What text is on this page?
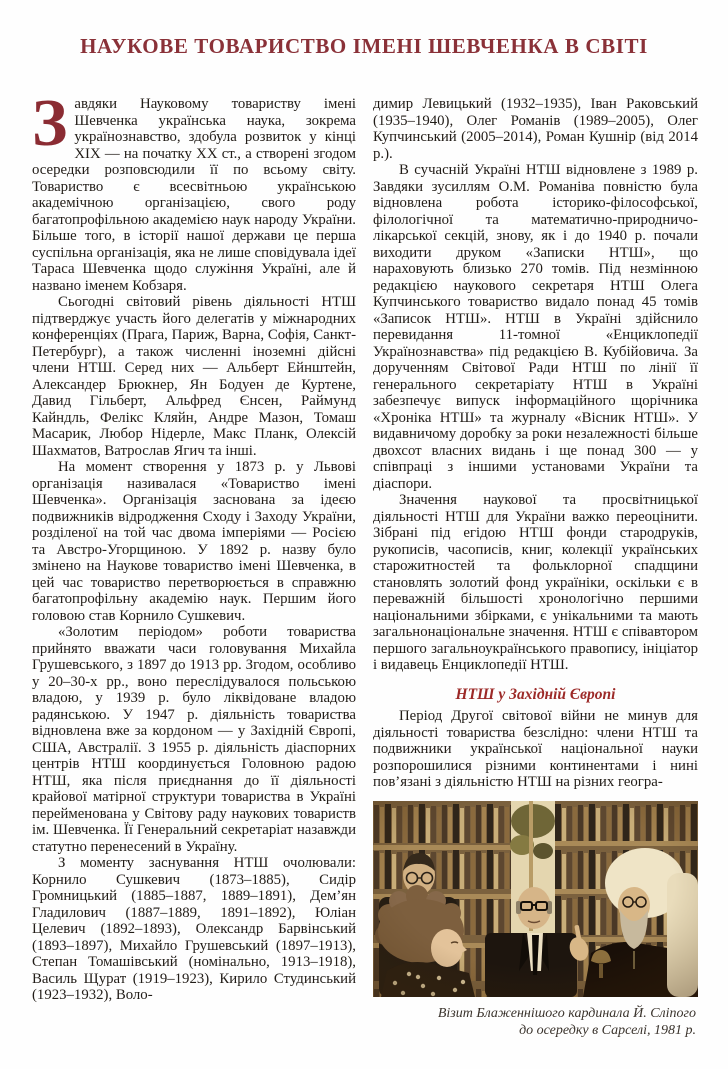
НАУКОВЕ ТОВАРИСТВО ІМЕНІ ШЕВЧЕНКА В СВІТІ

Завдяки Науковому товариству імені Шевченка українська наука, зокрема українознавство, здобула розвиток у кінці XIX — на початку XX ст., а створені згодом осередки розповсюдили її по всьому світу. Товариство є всесвітньою українською академічною організацією, свого роду багатопрофільною академією наук народу України. Більше того, в історії нашої держави це перша суспільна організація, яка не лише сповідувала ідеї Тараса Шевченка щодо служіння Україні, але й названо іменем Кобзаря.

Сьогодні світовий рівень діяльності НТШ підтверджує участь його делегатів у міжнародних конференціях (Прага, Париж, Варна, Софія, Санкт-Петербург), а також численні іноземні дійсні члени НТШ. Серед них — Альберт Ейнштейн, Александер Брюкнер, Ян Бодуен де Куртене, Давид Гільберт, Альфред Єнсен, Раймунд Кайндль, Фелікс Кляйн, Андре Мазон, Томаш Масарик, Любор Нідерле, Макс Планк, Олексій Шахматов, Ватрослав Ягич та інші.

На момент створення у 1873 р. у Львові організація називалася «Товариство імені Шевченка». Організація заснована за ідеєю подвижників відродження Сходу і Заходу України, розділеної на той час двома імперіями — Росією та Австро-Угорщиною. У 1892 р. назву було змінено на Наукове товариство імені Шевченка, в цей час товариство перетворюється в справжню багатопрофільну академію наук. Першим його головою став Корнило Сушкевич.

«Золотим періодом» роботи товариства прийнято вважати часи головування Михайла Грушевського, з 1897 до 1913 рр. Згодом, особливо у 20–30-х рр., воно переслідувалося польською владою, у 1939 р. було ліквідоване владою радянською. У 1947 р. діяльність товариства відновлена вже за кордоном — у Західній Європі, США, Австралії. З 1955 р. діяльність діаспорних центрів НТШ координується Головною радою НТШ, яка після приєднання до її діяльності крайової матірної структури товариства в Україні перейменована у Світову раду наукових товариств ім. Шевченка. Її Генеральний секретаріат назавжди статутно перенесений в Україну.

З моменту заснування НТШ очолювали: Корнило Сушкевич (1873–1885), Сидір Громницький (1885–1887, 1889–1891), Дем’ян Гладилович (1887–1889, 1891–1892), Юліан Целевич (1892–1893), Олександр Барвінський (1893–1897), Михайло Грушевський (1897–1913), Степан Томашівський (номінально, 1913–1918), Василь Щурат (1919–1923), Кирило Студинський (1923–1932), Воло-

димир Левицький (1932–1935), Іван Раковський (1935–1940), Олег Романів (1989–2005), Олег Купчинський (2005–2014), Роман Кушнір (від 2014 р.).

В сучасній Україні НТШ відновлене з 1989 р. Завдяки зусиллям О.М. Романіва повністю була відновлена робота історико-філософської, філологічної та математично-природничо-лікарської секцій, знову, як і до 1940 р. почали виходити друком «Записки НТШ», що нараховують близько 270 томів. Під незмінною редакцією наукового секретаря НТШ Олега Купчинського товариство видало понад 45 томів «Записок НТШ». НТШ в Україні здійснило перевидання 11-томної «Енциклопедії Українознавства» під редакцією В. Кубійовича. За дорученням Світової Ради НТШ по лінії її генерального секретаріату НТШ в Україні забезпечує випуск інформаційного щорічника «Хроніка НТШ» та журналу «Вісник НТШ». У видавничому доробку за роки незалежності більше двохсот власних видань і ще понад 300 — у співпраці з іншими установами України та діаспори.

Значення наукової та просвітницької діяльності НТШ для України важко переоцінити. Зібрані під егідою НТШ фонди стародруків, рукописів, часописів, книг, колекції українських старожитностей та фольклорної спадщини становлять золотий фонд україніки, оскільки є в переважній більшості хронологічно першими національними збірками, є унікальними та мають загальнонаціональне значення. НТШ є співавтором першого загальноукраїнського правопису, ініціатор і видавець Енциклопедії НТШ.

НТШ у Західній Європі

Період Другої світової війни не минув для діяльності товариства безслідно: члени НТШ та подвижники української національної науки розпорошилися різними континентами і нині пов’язані з діяльністю НТШ на різних геогра-

Візит Блаженнішого кардинала Й. Сліпого
до осередку в Сарселі, 1981 р.
